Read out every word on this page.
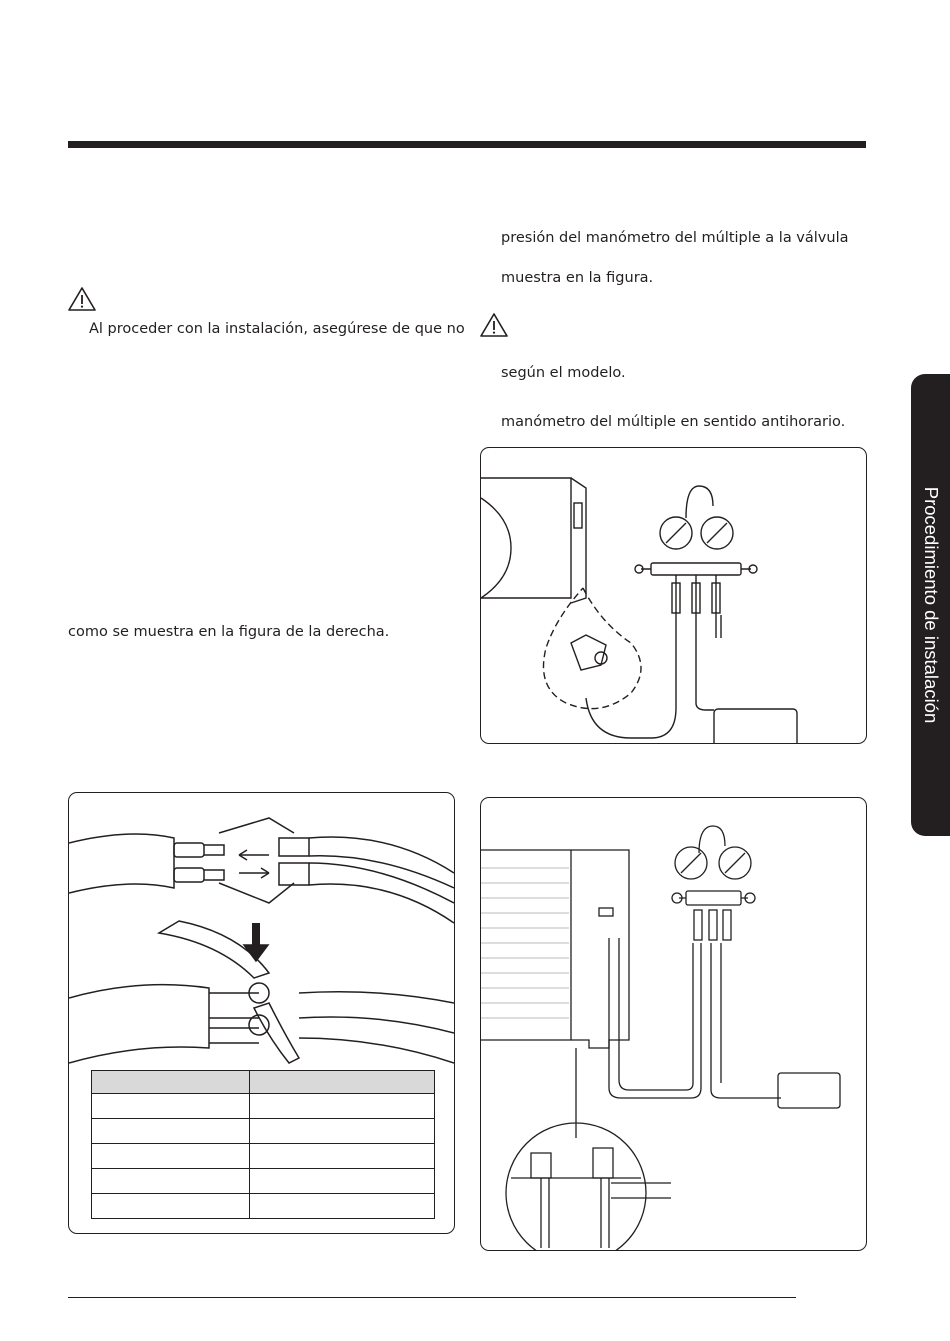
Al proceder con la instalación, asegúrese de que no
como se muestra en la figura de la derecha.
presión del manómetro del múltiple a la válvula
muestra en la figura.
según el modelo.
manómetro del múltiple en sentido antihorario.
Procedimiento de instalación
